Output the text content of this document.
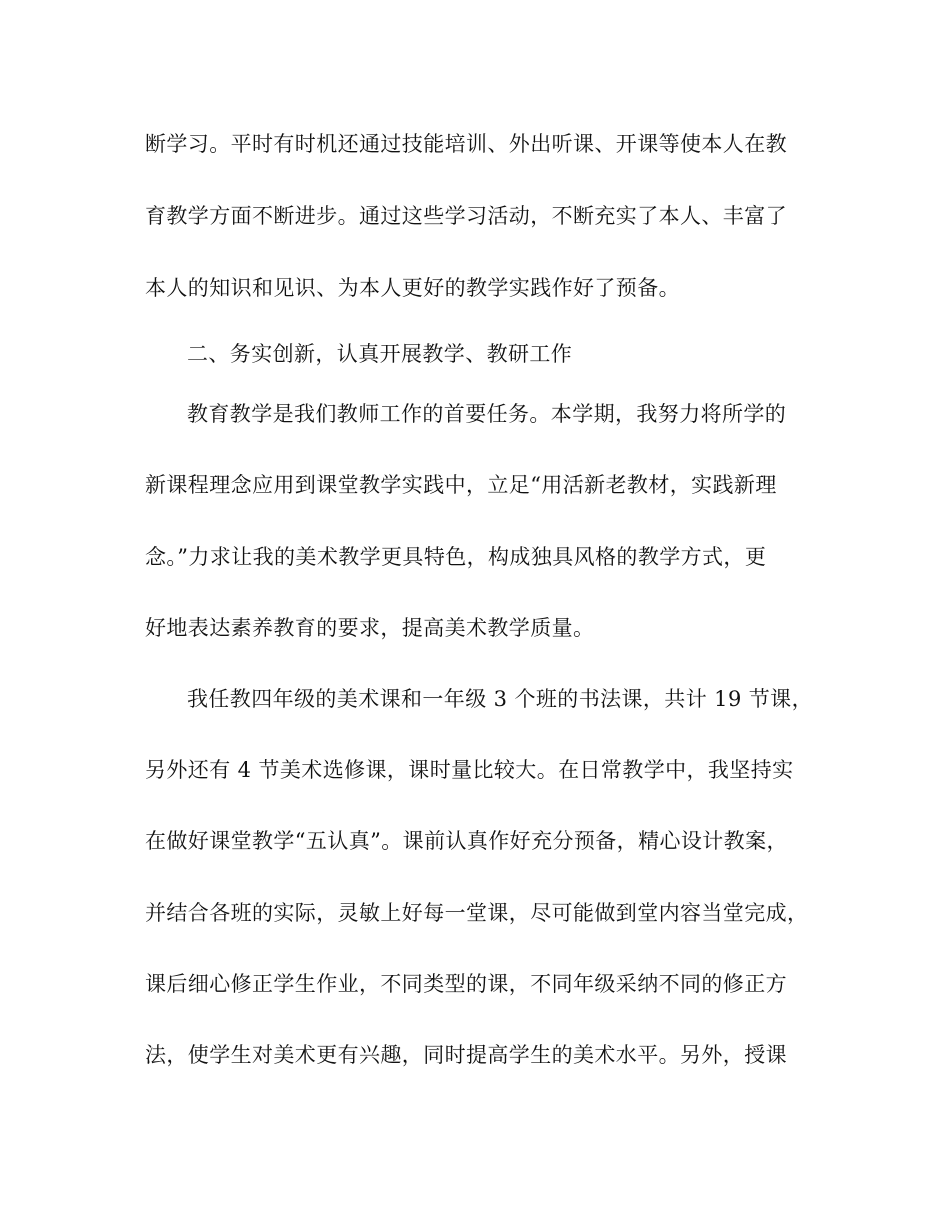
断学习。平时有时机还通过技能培训、外出听课、开课等使本人在教

育教学方面不断进步。通过这些学习活动，不断充实了本人、丰富了

本人的知识和见识、为本人更好的教学实践作好了预备。

二、务实创新，认真开展教学、教研工作

教育教学是我们教师工作的首要任务。本学期，我努力将所学的

新课程理念应用到课堂教学实践中，立足“用活新老教材，实践新理

念。”力求让我的美术教学更具特色，构成独具风格的教学方式，更

好地表达素养教育的要求，提高美术教学质量。

我任教四年级的美术课和一年级 3 个班的书法课，共计 19 节课，

另外还有 4 节美术选修课，课时量比较大。在日常教学中，我坚持实

在做好课堂教学“五认真”。课前认真作好充分预备，精心设计教案，

并结合各班的实际，灵敏上好每一堂课，尽可能做到堂内容当堂完成，

课后细心修正学生作业，不同类型的课，不同年级采纳不同的修正方

法，使学生对美术更有兴趣，同时提高学生的美术水平。另外，授课
